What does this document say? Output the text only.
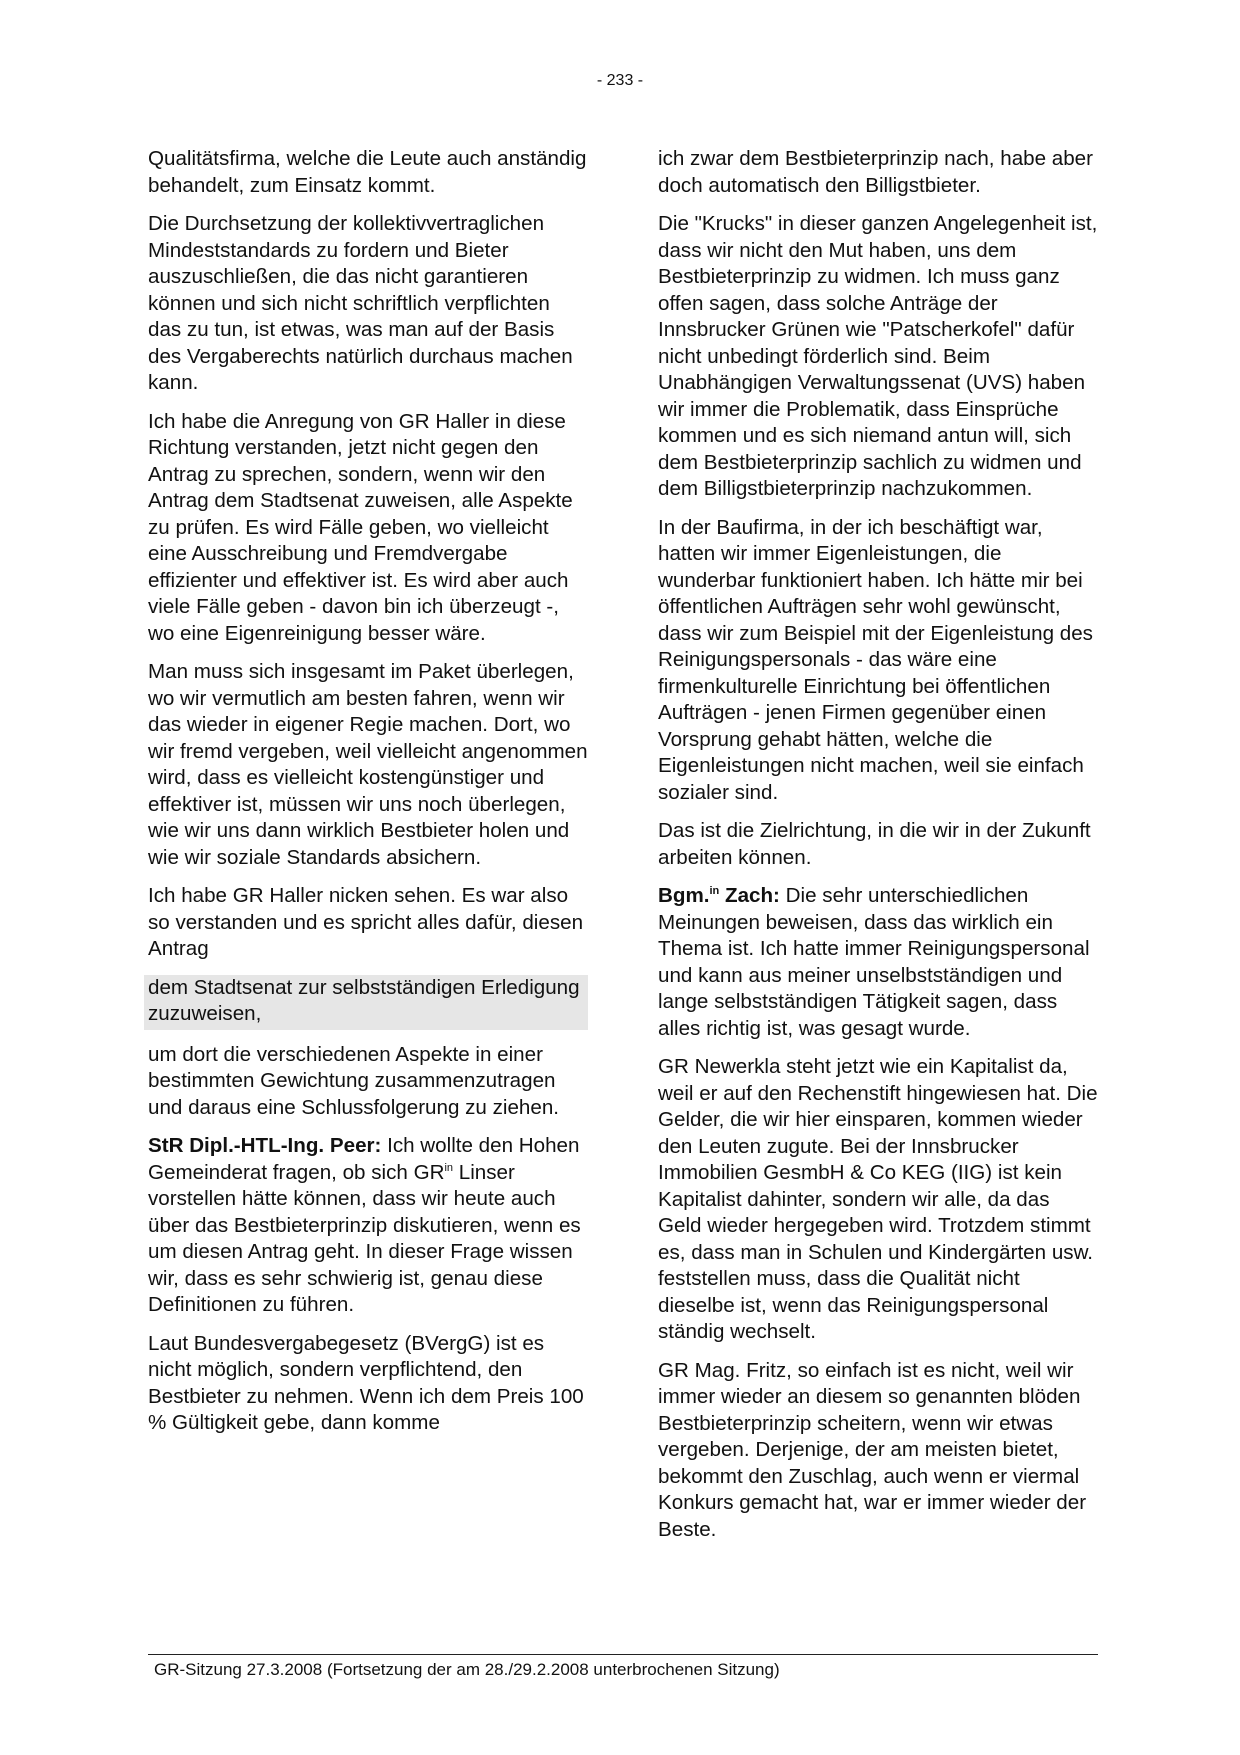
- 233 -

Qualitätsfirma, welche die Leute auch anständig behandelt, zum Einsatz kommt.

Die Durchsetzung der kollektivvertraglichen Mindeststandards zu fordern und Bieter auszuschließen, die das nicht garantieren können und sich nicht schriftlich verpflichten das zu tun, ist etwas, was man auf der Basis des Vergaberechts natürlich durchaus machen kann.

Ich habe die Anregung von GR Haller in diese Richtung verstanden, jetzt nicht gegen den Antrag zu sprechen, sondern, wenn wir den Antrag dem Stadtsenat zuweisen, alle Aspekte zu prüfen. Es wird Fälle geben, wo vielleicht eine Ausschreibung und Fremdvergabe effizienter und effektiver ist. Es wird aber auch viele Fälle geben - davon bin ich überzeugt -, wo eine Eigenreinigung besser wäre.

Man muss sich insgesamt im Paket überlegen, wo wir vermutlich am besten fahren, wenn wir das wieder in eigener Regie machen. Dort, wo wir fremd vergeben, weil vielleicht angenommen wird, dass es vielleicht kostengünstiger und effektiver ist, müssen wir uns noch überlegen, wie wir uns dann wirklich Bestbieter holen und wie wir soziale Standards absichern.

Ich habe GR Haller nicken sehen. Es war also so verstanden und es spricht alles dafür, diesen Antrag

dem Stadtsenat zur selbstständigen Erledigung zuzuweisen,

um dort die verschiedenen Aspekte in einer bestimmten Gewichtung zusammenzutragen und daraus eine Schlussfolgerung zu ziehen.

StR Dipl.-HTL-Ing. Peer: Ich wollte den Hohen Gemeinderat fragen, ob sich $GR^{in}$ Linser vorstellen hätte können, dass wir heute auch über das Bestbieterprinzip diskutieren, wenn es um diesen Antrag geht. In dieser Frage wissen wir, dass es sehr schwierig ist, genau diese Definitionen zu führen.

Laut Bundesvergabegesetz (BVergG) ist es nicht möglich, sondern verpflichtend, den Bestbieter zu nehmen. Wenn ich dem Preis 100 % Gültigkeit gebe, dann komme

ich zwar dem Bestbieterprinzip nach, habe aber doch automatisch den Billigstbieter.

Die "Krucks" in dieser ganzen Angelegenheit ist, dass wir nicht den Mut haben, uns dem Bestbieterprinzip zu widmen. Ich muss ganz offen sagen, dass solche Anträge der Innsbrucker Grünen wie "Patscherkofel" dafür nicht unbedingt förderlich sind. Beim Unabhängigen Verwaltungssenat (UVS) haben wir immer die Problematik, dass Einsprüche kommen und es sich niemand antun will, sich dem Bestbieterprinzip sachlich zu widmen und dem Billigstbieterprinzip nachzukommen.

In der Baufirma, in der ich beschäftigt war, hatten wir immer Eigenleistungen, die wunderbar funktioniert haben. Ich hätte mir bei öffentlichen Aufträgen sehr wohl gewünscht, dass wir zum Beispiel mit der Eigenleistung des Reinigungspersonals - das wäre eine firmenkulturelle Einrichtung bei öffentlichen Aufträgen - jenen Firmen gegenüber einen Vorsprung gehabt hätten, welche die Eigenleistungen nicht machen, weil sie einfach sozialer sind.

Das ist die Zielrichtung, in die wir in der Zukunft arbeiten können.

Bgm.$^{in}$ Zach: Die sehr unterschiedlichen Meinungen beweisen, dass das wirklich ein Thema ist. Ich hatte immer Reinigungspersonal und kann aus meiner unselbstständigen und lange selbstständigen Tätigkeit sagen, dass alles richtig ist, was gesagt wurde.

GR Newerkla steht jetzt wie ein Kapitalist da, weil er auf den Rechenstift hingewiesen hat. Die Gelder, die wir hier einsparen, kommen wieder den Leuten zugute. Bei der Innsbrucker Immobilien GesmbH & Co KEG (IIG) ist kein Kapitalist dahinter, sondern wir alle, da das Geld wieder hergegeben wird. Trotzdem stimmt es, dass man in Schulen und Kindergärten usw. feststellen muss, dass die Qualität nicht dieselbe ist, wenn das Reinigungspersonal ständig wechselt.

GR Mag. Fritz, so einfach ist es nicht, weil wir immer wieder an diesem so genannten blöden Bestbieterprinzip scheitern, wenn wir etwas vergeben. Derjenige, der am meisten bietet, bekommt den Zuschlag, auch wenn er viermal Konkurs gemacht hat, war er immer wieder der Beste.

GR-Sitzung 27.3.2008 (Fortsetzung der am 28./29.2.2008 unterbrochenen Sitzung)
